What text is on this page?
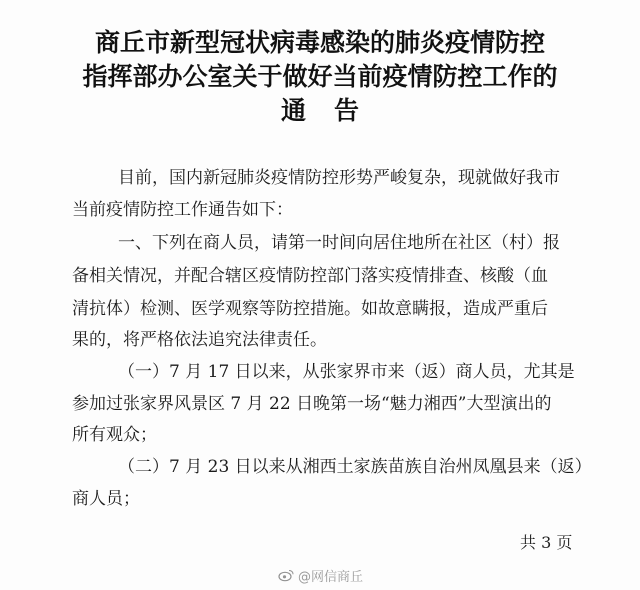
商丘市新型冠状病毒感染的肺炎疫情防控
指挥部办公室关于做好当前疫情防控工作的
通告
目前，国内新冠肺炎疫情防控形势严峻复杂，现就做好我市
当前疫情防控工作通告如下：
一、下列在商人员，请第一时间向居住地所在社区（村）报
备相关情况，并配合辖区疫情防控部门落实疫情排查、核酸（血
清抗体）检测、医学观察等防控措施。如故意瞒报，造成严重后
果的，将严格依法追究法律责任。
（一）7 月 17 日以来，从张家界市来（返）商人员，尤其是
参加过张家界风景区 7 月 22 日晚第一场“魅力湘西”大型演出的
所有观众；
（二）7 月 23 日以来从湘西土家族苗族自治州凤凰县来（返）
商人员；
共 3 页
@网信商丘
